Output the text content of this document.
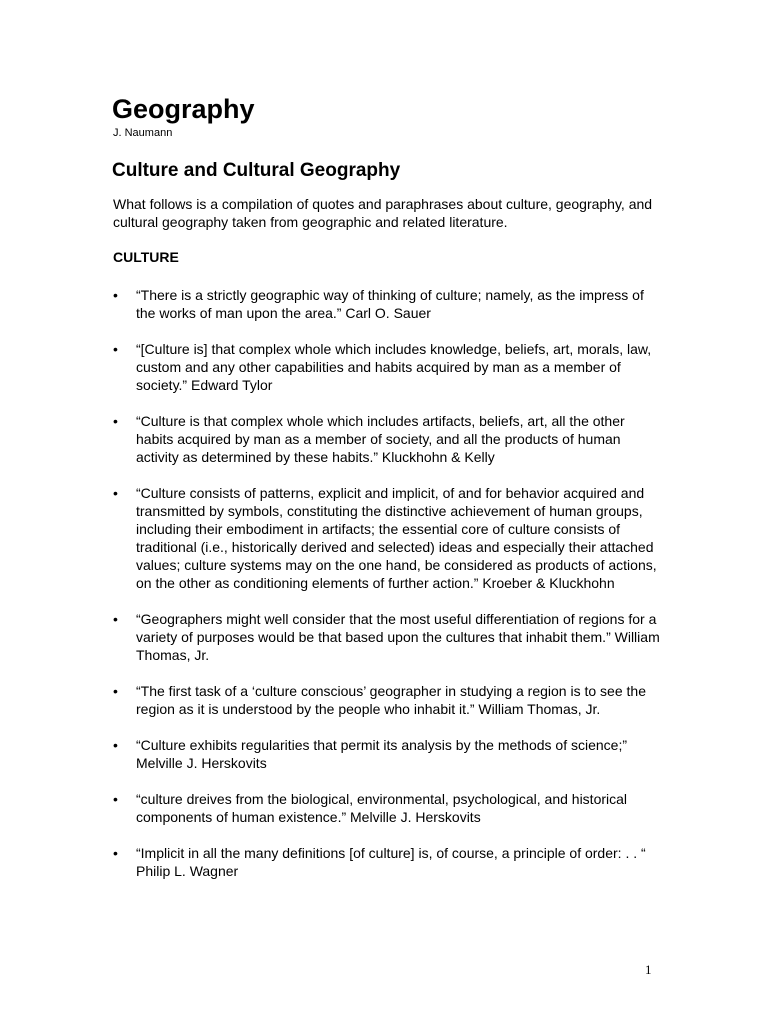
Geography

J. Naumann

Culture and Cultural Geography

What follows is a compilation of quotes and paraphrases about culture, geography, and cultural geography taken from geographic and related literature.

CULTURE
• “There is a strictly geographic way of thinking of culture; namely, as the impress of the works of man upon the area.” Carl O. Sauer
• “[Culture is] that complex whole which includes knowledge, beliefs, art, morals, law, custom and any other capabilities and habits acquired by man as a member of society.” Edward Tylor
• “Culture is that complex whole which includes artifacts, beliefs, art, all the other habits acquired by man as a member of society, and all the products of human activity as determined by these habits.” Kluckhohn & Kelly
• “Culture consists of patterns, explicit and implicit, of and for behavior acquired and transmitted by symbols, constituting the distinctive achievement of human groups, including their embodiment in artifacts; the essential core of culture consists of traditional (i.e., historically derived and selected) ideas and especially their attached values; culture systems may on the one hand, be considered as products of actions, on the other as conditioning elements of further action.” Kroeber & Kluckhohn
• “Geographers might well consider that the most useful differentiation of regions for a variety of purposes would be that based upon the cultures that inhabit them.” William Thomas, Jr.
• “The first task of a ‘culture conscious’ geographer in studying a region is to see the region as it is understood by the people who inhabit it.” William Thomas, Jr.
• “Culture exhibits regularities that permit its analysis by the methods of science;” Melville J. Herskovits
• “culture dreives from the biological, environmental, psychological, and historical components of human existence.” Melville J. Herskovits
• “Implicit in all the many definitions [of culture] is, of course, a principle of order: . . “ Philip L. Wagner
1
